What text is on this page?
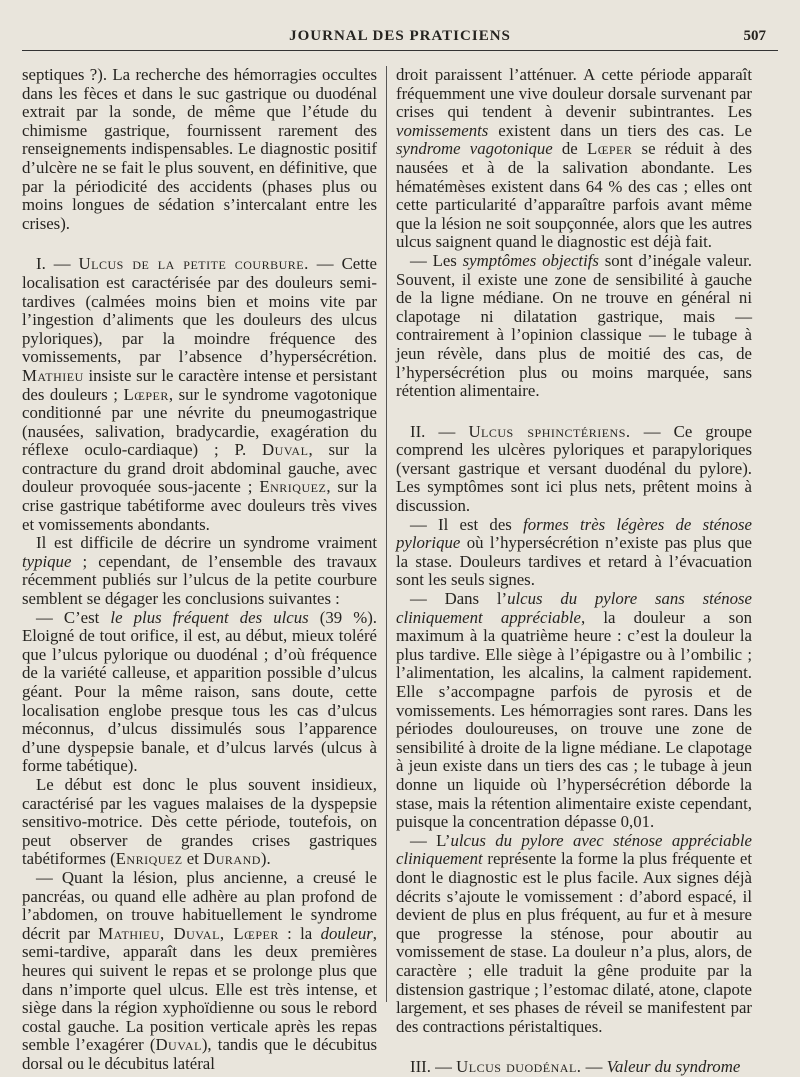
JOURNAL DES PRATICIENS	507

septiques ?). La recherche des hémorragies occultes dans les fèces et dans le suc gastrique ou duodénal extrait par la sonde, de même que l’étude du chimisme gastrique, fournissent rarement des renseignements indispensables. Le diagnostic positif d’ulcère ne se fait le plus souvent, en définitive, que par la périodicité des accidents (phases plus ou moins longues de sédation s’intercalant entre les crises).

I. — Ulcus de la petite courbure. — Cette localisation est caractérisée par des douleurs semi-tardives (calmées moins bien et moins vite par l’ingestion d’aliments que les douleurs des ulcus pyloriques), par la moindre fréquence des vomissements, par l’absence d’hypersécrétion. Mathieu insiste sur le caractère intense et persistant des douleurs ; Lœper, sur le syndrome vagotonique conditionné par une névrite du pneumogastrique (nausées, salivation, bradycardie, exagération du réflexe oculo-cardiaque) ; P. Duval, sur la contracture du grand droit abdominal gauche, avec douleur provoquée sous-jacente ; Enriquez, sur la crise gastrique tabétiforme avec douleurs très vives et vomissements abondants.

Il est difficile de décrire un syndrome vraiment typique ; cependant, de l’ensemble des travaux récemment publiés sur l’ulcus de la petite courbure semblent se dégager les conclusions suivantes :

— C’est le plus fréquent des ulcus (39 %). Eloigné de tout orifice, il est, au début, mieux toléré que l’ulcus pylorique ou duodénal ; d’où fréquence de la variété calleuse, et apparition possible d’ulcus géant. Pour la même raison, sans doute, cette localisation englobe presque tous les cas d’ulcus méconnus, d’ulcus dissimulés sous l’apparence d’une dyspepsie banale, et d’ulcus larvés (ulcus à forme tabétique).

Le début est donc le plus souvent insidieux, caractérisé par les vagues malaises de la dyspepsie sensitivo-motrice. Dès cette période, toutefois, on peut observer de grandes crises gastriques tabétiformes (Enriquez et Durand).

— Quant la lésion, plus ancienne, a creusé le pancréas, ou quand elle adhère au plan profond de l’abdomen, on trouve habituellement le syndrome décrit par Mathieu, Duval, Lœper : la douleur, semi-tardive, apparaît dans les deux premières heures qui suivent le repas et se prolonge plus que dans n’importe quel ulcus. Elle est très intense, et siège dans la région xyphoïdienne ou sous le rebord costal gauche. La position verticale après les repas semble l’exagérer (Duval), tandis que le décubitus dorsal ou le décubitus latéral

droit paraissent l’atténuer. A cette période apparaît fréquemment une vive douleur dorsale survenant par crises qui tendent à devenir subintrantes. Les vomissements existent dans un tiers des cas. Le syndrome vagotonique de Lœper se réduit à des nausées et à de la salivation abondante. Les hématémèses existent dans 64 % des cas ; elles ont cette particularité d’apparaître parfois avant même que la lésion ne soit soupçonnée, alors que les autres ulcus saignent quand le diagnostic est déjà fait.

— Les symptômes objectifs sont d’inégale valeur. Souvent, il existe une zone de sensibilité à gauche de la ligne médiane. On ne trouve en général ni clapotage ni dilatation gastrique, mais — contrairement à l’opinion classique — le tubage à jeun révèle, dans plus de moitié des cas, de l’hypersécrétion plus ou moins marquée, sans rétention alimentaire.

II. — Ulcus sphinctériens. — Ce groupe comprend les ulcères pyloriques et parapyloriques (versant gastrique et versant duodénal du pylore). Les symptômes sont ici plus nets, prêtent moins à discussion.

— Il est des formes très légères de sténose pylorique où l’hypersécrétion n’existe pas plus que la stase. Douleurs tardives et retard à l’évacuation sont les seuls signes.

— Dans l’ulcus du pylore sans sténose cliniquement appréciable, la douleur a son maximum à la quatrième heure : c’est la douleur la plus tardive. Elle siège à l’épigastre ou à l’ombilic ; l’alimentation, les alcalins, la calment rapidement. Elle s’accompagne parfois de pyrosis et de vomissements. Les hémorragies sont rares. Dans les périodes douloureuses, on trouve une zone de sensibilité à droite de la ligne médiane. Le clapotage à jeun existe dans un tiers des cas ; le tubage à jeun donne un liquide où l’hypersécrétion déborde la stase, mais la rétention alimentaire existe cependant, puisque la concentration dépasse 0,01.

— L’ulcus du pylore avec sténose appréciable cliniquement représente la forme la plus fréquente et dont le diagnostic est le plus facile. Aux signes déjà décrits s’ajoute le vomissement : d’abord espacé, il devient de plus en plus fréquent, au fur et à mesure que progresse la sténose, pour aboutir au vomissement de stase. La douleur n’a plus, alors, de caractère ; elle traduit la gêne produite par la distension gastrique ; l’estomac dilaté, atone, clapote largement, et ses phases de réveil se manifestent par des contractions péristaltiques.

III. — Ulcus duodénal. — Valeur du syndrome
